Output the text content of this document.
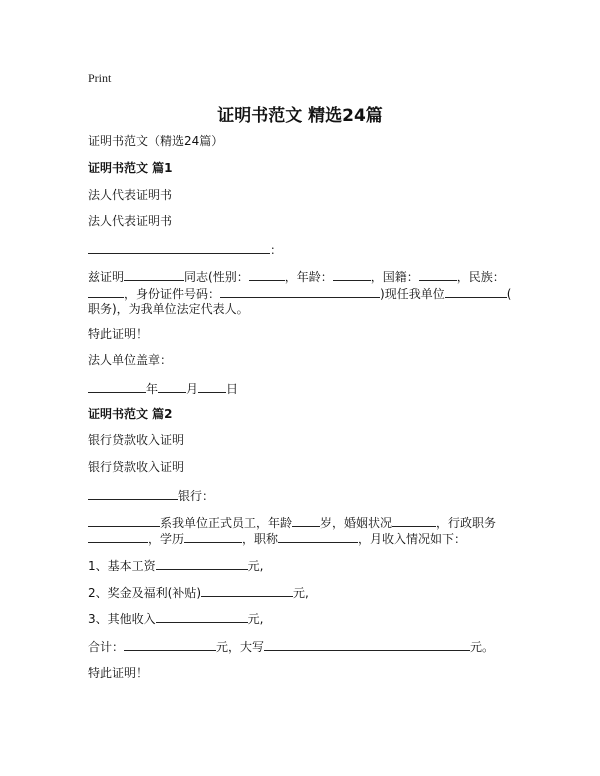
Print
证明书范文 精选24篇
证明书范文（精选24篇）
证明书范文 篇1
法人代表证明书
法人代表证明书
：
兹证明	同志(性别：	，年龄：	，国籍：	，民族：
，身份证件号码：	)现任我单位	(
职务)，为我单位法定代表人。
特此证明！
法人单位盖章：
年 月 日
证明书范文 篇2
银行贷款收入证明
银行贷款收入证明
银行：
系我单位正式员工，年龄 岁，婚姻状况	，行政职务
，学历	，职称	，月收入情况如下：
1、基本工资	元,
2、奖金及福利(补贴)	元,
3、其他收入	元,
合计：	元，大写	元。
特此证明！
